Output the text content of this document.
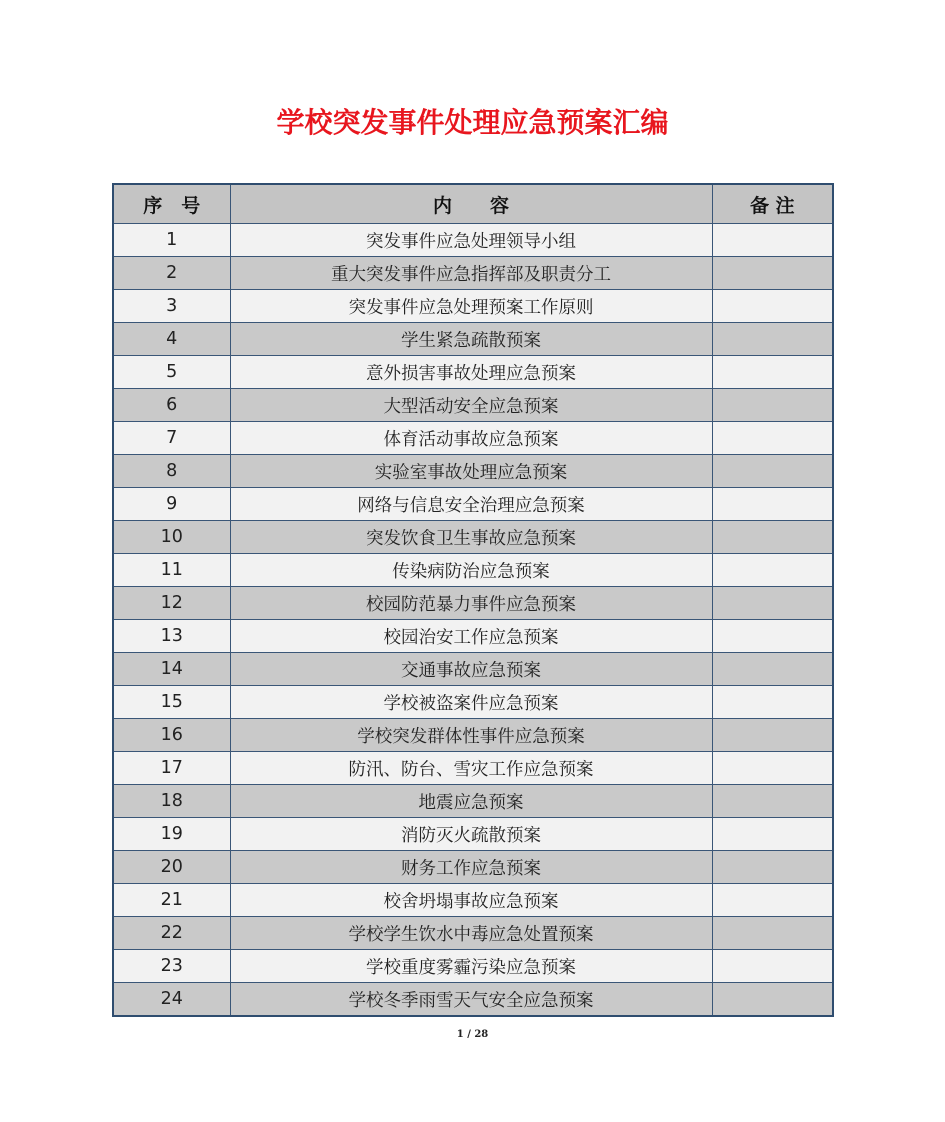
学校突发事件处理应急预案汇编
序　号	内　　容	备 注
1	突发事件应急处理领导小组	
2	重大突发事件应急指挥部及职责分工	
3	突发事件应急处理预案工作原则	
4	学生紧急疏散预案	
5	意外损害事故处理应急预案	
6	大型活动安全应急预案	
7	体育活动事故应急预案	
8	实验室事故处理应急预案	
9	网络与信息安全治理应急预案	
10	突发饮食卫生事故应急预案	
11	传染病防治应急预案	
12	校园防范暴力事件应急预案	
13	校园治安工作应急预案	
14	交通事故应急预案	
15	学校被盗案件应急预案	
16	学校突发群体性事件应急预案	
17	防汛、防台、雪灾工作应急预案	
18	地震应急预案	
19	消防灭火疏散预案	
20	财务工作应急预案	
21	校舍坍塌事故应急预案	
22	学校学生饮水中毒应急处置预案	
23	学校重度雾霾污染应急预案	
24	学校冬季雨雪天气安全应急预案	
1 / 28
